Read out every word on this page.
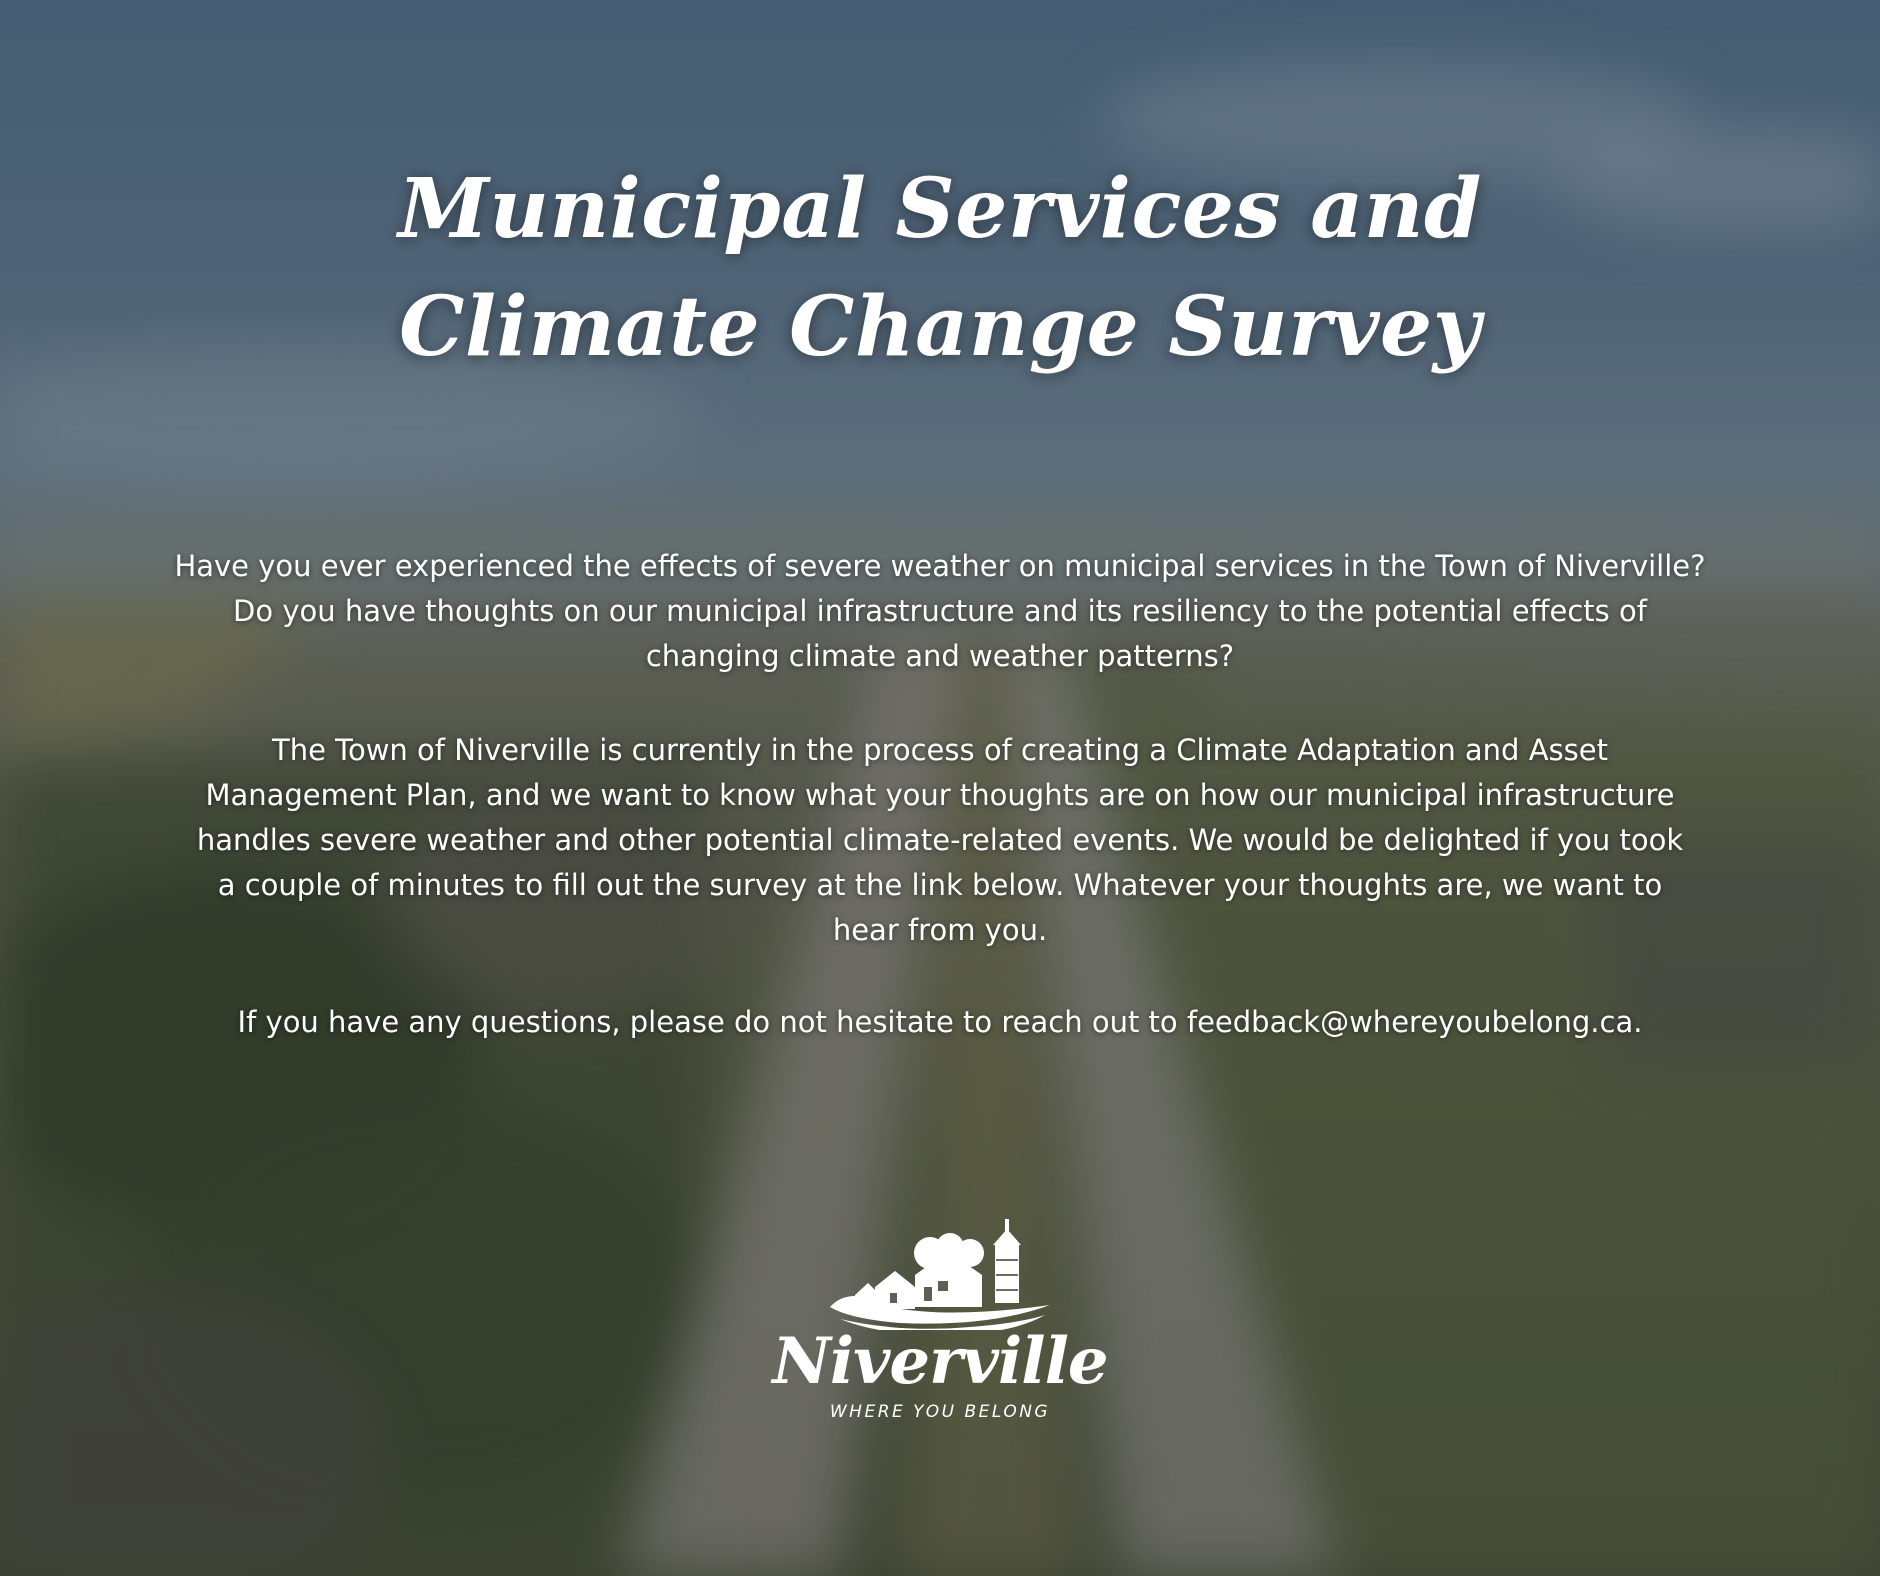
Municipal Services and
Climate Change Survey

Have you ever experienced the effects of severe weather on municipal services in the Town of Niverville? Do you have thoughts on our municipal infrastructure and its resiliency to the potential effects of changing climate and weather patterns?

The Town of Niverville is currently in the process of creating a Climate Adaptation and Asset Management Plan, and we want to know what your thoughts are on how our municipal infrastructure handles severe weather and other potential climate-related events. We would be delighted if you took a couple of minutes to fill out the survey at the link below. Whatever your thoughts are, we want to hear from you.

If you have any questions, please do not hesitate to reach out to feedback@whereyoubelong.ca.

Niverville
WHERE YOU BELONG
